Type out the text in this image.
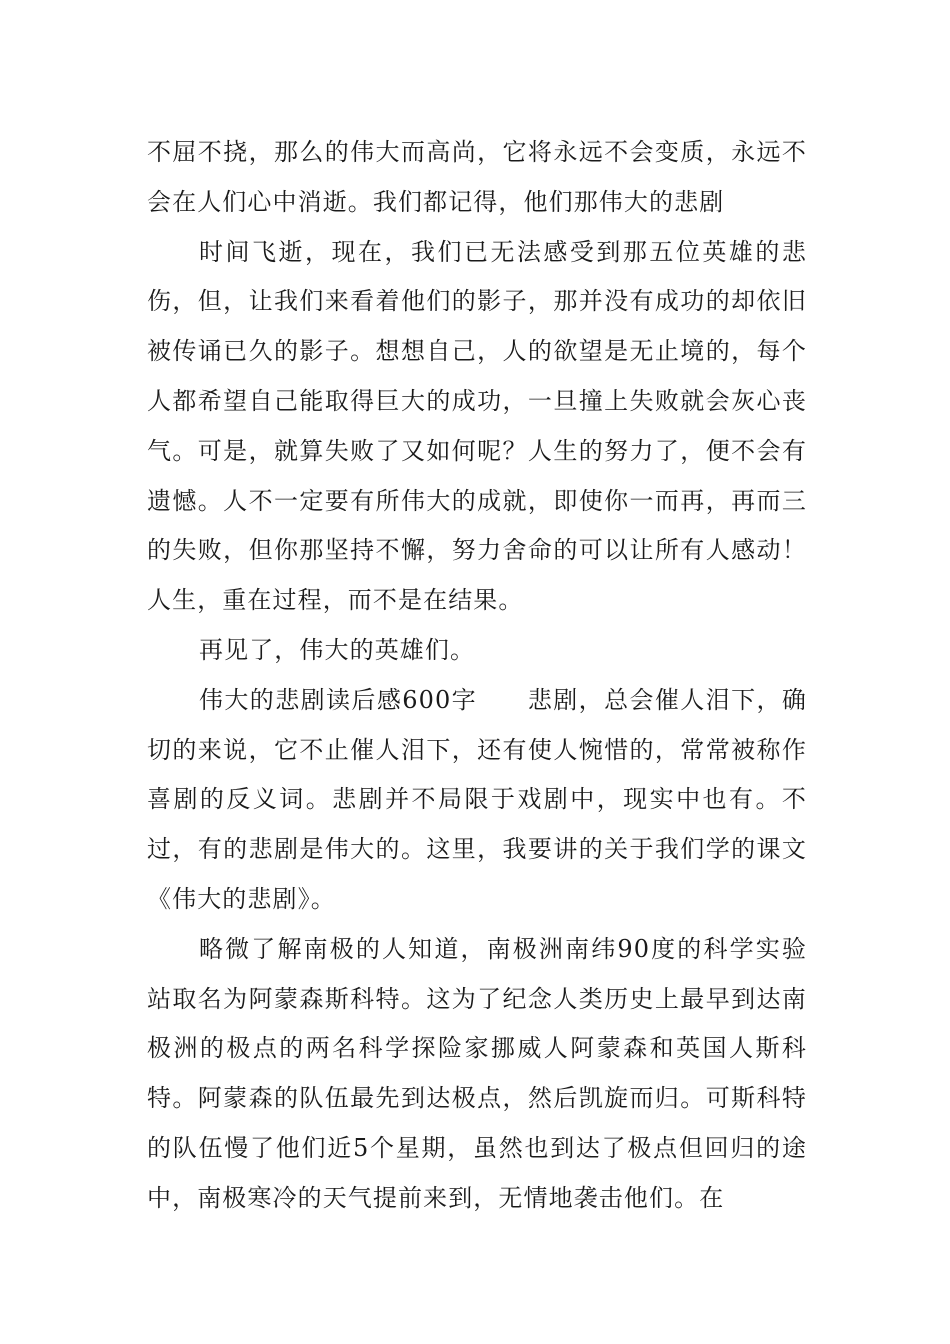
不屈不挠，那么的伟大而高尚，它将永远不会变质，永远不会在人们心中消逝。我们都记得，他们那伟大的悲剧

时间飞逝，现在，我们已无法感受到那五位英雄的悲伤，但，让我们来看着他们的影子，那并没有成功的却依旧被传诵已久的影子。想想自己，人的欲望是无止境的，每个人都希望自己能取得巨大的成功，一旦撞上失败就会灰心丧气。可是，就算失败了又如何呢？人生的努力了，便不会有遗憾。人不一定要有所伟大的成就，即使你一而再，再而三的失败，但你那坚持不懈，努力舍命的可以让所有人感动！人生，重在过程，而不是在结果。

再见了，伟大的英雄们。

伟大的悲剧读后感600字　　悲剧，总会催人泪下，确切的来说，它不止催人泪下，还有使人惋惜的，常常被称作喜剧的反义词。悲剧并不局限于戏剧中，现实中也有。不过，有的悲剧是伟大的。这里，我要讲的关于我们学的课文《伟大的悲剧》。

略微了解南极的人知道，南极洲南纬90度的科学实验站取名为阿蒙森斯科特。这为了纪念人类历史上最早到达南极洲的极点的两名科学探险家挪威人阿蒙森和英国人斯科特。阿蒙森的队伍最先到达极点，然后凯旋而归。可斯科特的队伍慢了他们近5个星期，虽然也到达了极点但回归的途中，南极寒冷的天气提前来到，无情地袭击他们。在
